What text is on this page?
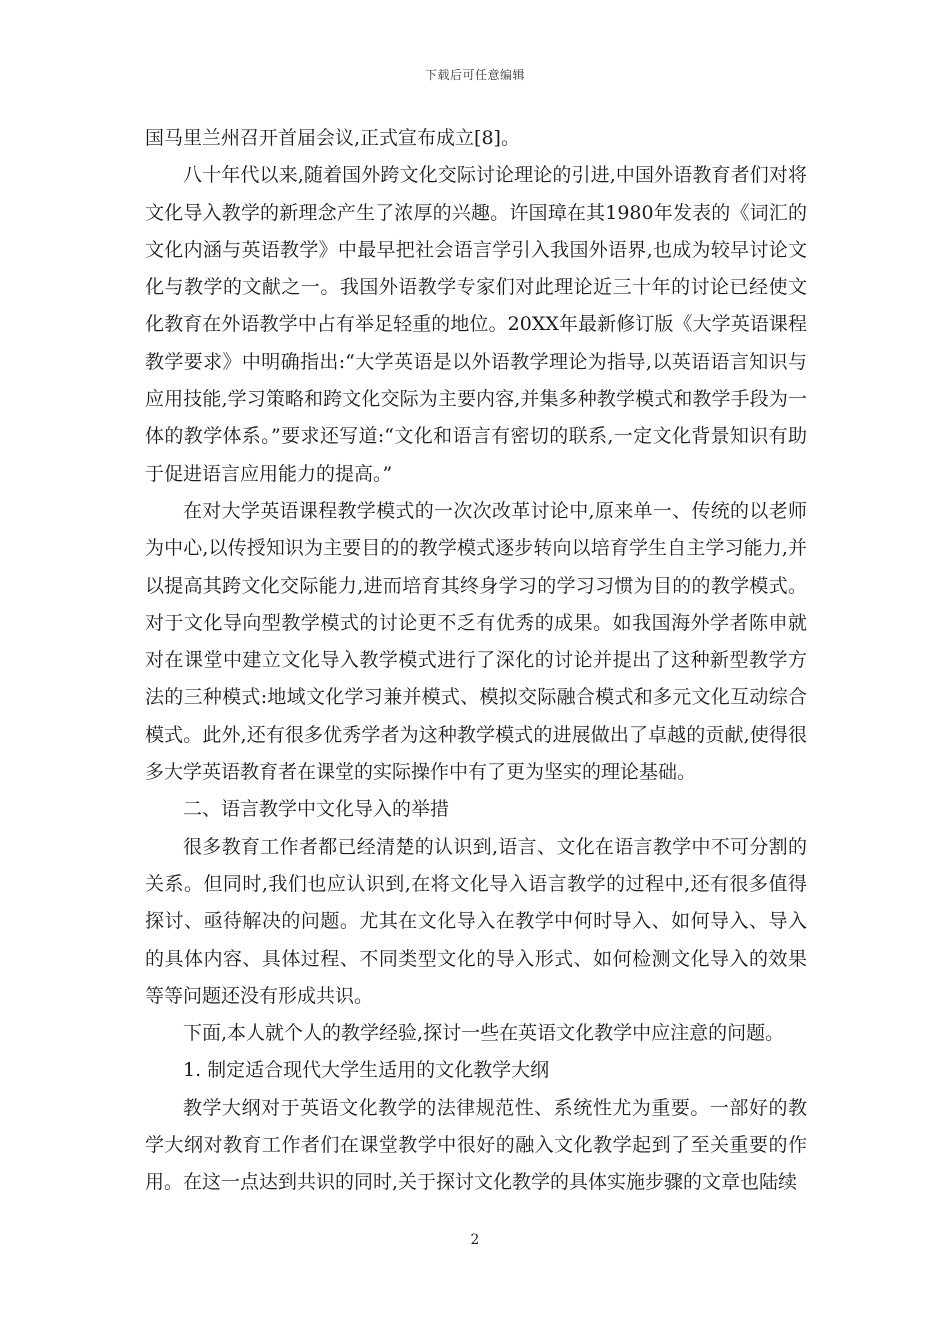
下载后可任意编辑

国马里兰州召开首届会议,正式宣布成立[8]。

八十年代以来,随着国外跨文化交际讨论理论的引进,中国外语教育者们对将文化导入教学的新理念产生了浓厚的兴趣。许国璋在其1980年发表的《词汇的文化内涵与英语教学》中最早把社会语言学引入我国外语界,也成为较早讨论文化与教学的文献之一。我国外语教学专家们对此理论近三十年的讨论已经使文化教育在外语教学中占有举足轻重的地位。20XX年最新修订版《大学英语课程教学要求》中明确指出:“大学英语是以外语教学理论为指导,以英语语言知识与应用技能,学习策略和跨文化交际为主要内容,并集多种教学模式和教学手段为一体的教学体系。”要求还写道:“文化和语言有密切的联系,一定文化背景知识有助于促进语言应用能力的提高。”

在对大学英语课程教学模式的一次次改革讨论中,原来单一、传统的以老师为中心,以传授知识为主要目的的教学模式逐步转向以培育学生自主学习能力,并以提高其跨文化交际能力,进而培育其终身学习的学习习惯为目的的教学模式。对于文化导向型教学模式的讨论更不乏有优秀的成果。如我国海外学者陈申就对在课堂中建立文化导入教学模式进行了深化的讨论并提出了这种新型教学方法的三种模式:地域文化学习兼并模式、模拟交际融合模式和多元文化互动综合模式。此外,还有很多优秀学者为这种教学模式的进展做出了卓越的贡献,使得很多大学英语教育者在课堂的实际操作中有了更为坚实的理论基础。

二、语言教学中文化导入的举措

很多教育工作者都已经清楚的认识到,语言、文化在语言教学中不可分割的关系。但同时,我们也应认识到,在将文化导入语言教学的过程中,还有很多值得探讨、亟待解决的问题。尤其在文化导入在教学中何时导入、如何导入、导入的具体内容、具体过程、不同类型文化的导入形式、如何检测文化导入的效果等等问题还没有形成共识。

下面,本人就个人的教学经验,探讨一些在英语文化教学中应注意的问题。

1. 制定适合现代大学生适用的文化教学大纲

教学大纲对于英语文化教学的法律规范性、系统性尤为重要。一部好的教学大纲对教育工作者们在课堂教学中很好的融入文化教学起到了至关重要的作用。在这一点达到共识的同时,关于探讨文化教学的具体实施步骤的文章也陆续

2
